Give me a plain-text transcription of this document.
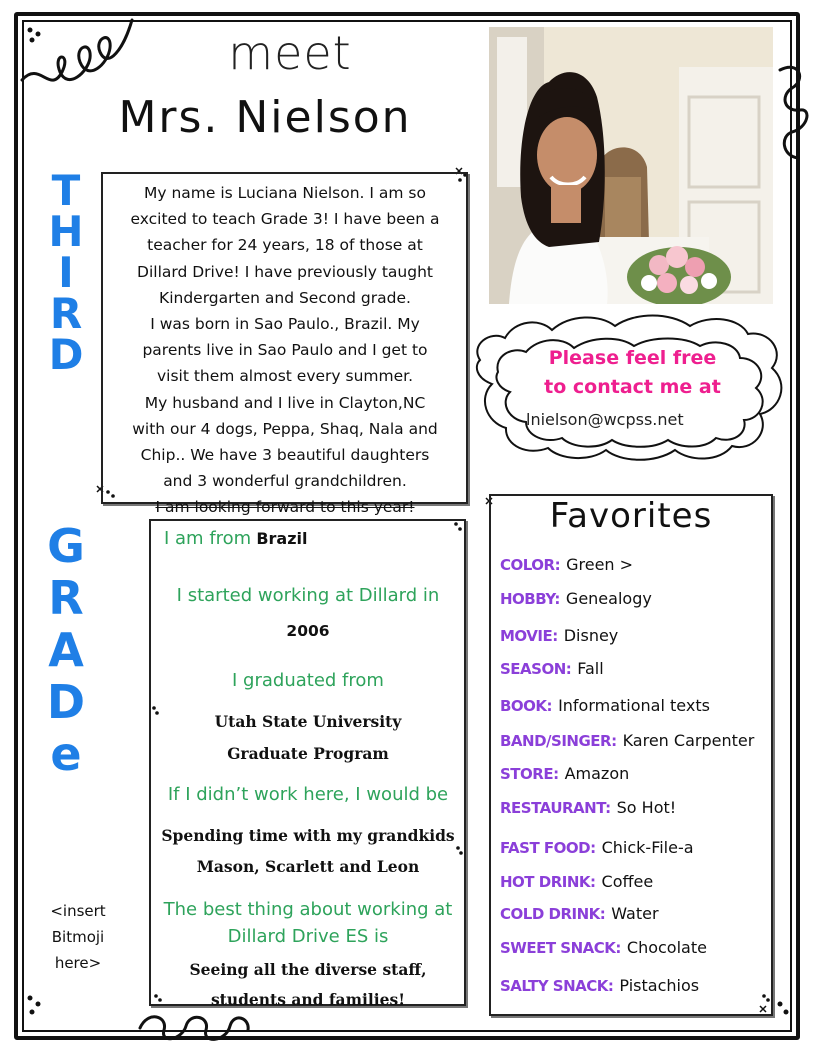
meet
Mrs. Nielson
T
H
I
R
D
G
R
A
D
e
My name is Luciana Nielson. I am so
excited to teach Grade 3! I have been a
teacher for 24 years, 18 of those at
Dillard Drive! I have previously taught
Kindergarten and Second grade.
I was born in Sao Paulo., Brazil. My
parents live in Sao Paulo and I get to
visit them almost every summer.
My husband and I live in Clayton,NC
with our 4 dogs, Peppa, Shaq, Nala and
Chip.. We have 3 beautiful daughters
and 3 wonderful grandchildren.
I am looking forward to this year!
Please feel free
to contact me at
lnielson@wcpss.net
I am from Brazil
I started working at Dillard in
2006
I graduated from
Utah State University
Graduate Program
If I didn’t work here, I would be
Spending time with my grandkids
Mason, Scarlett and Leon
The best thing about working at
Dillard Drive ES is
Seeing all the diverse staff,
students and families!
Favorites
COLOR: Green >
HOBBY: Genealogy
MOVIE: Disney
SEASON: Fall
BOOK: Informational texts
BAND/SINGER: Karen Carpenter
STORE: Amazon
RESTAURANT: So Hot!
FAST FOOD: Chick-File-a
HOT DRINK: Coffee
COLD DRINK: Water
SWEET SNACK: Chocolate
SALTY SNACK: Pistachios
<insert
Bitmoji
here>
